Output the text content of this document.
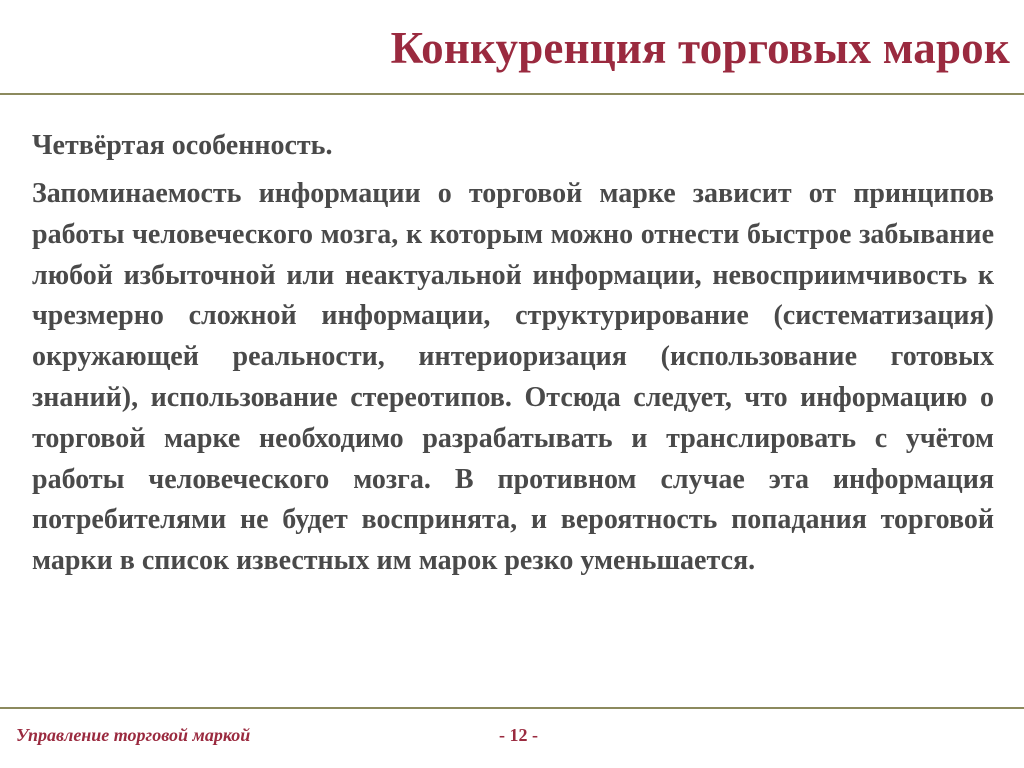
Конкуренция торговых марок

Четвёртая особенность.

Запоминаемость информации о торговой марке зависит от принципов работы человеческого мозга, к которым можно отнести быстрое забывание любой избыточной или неактуальной информации, невосприимчивость к чрезмерно сложной информации, структурирование (систематизация) окружающей реальности, интериоризация (использование готовых знаний), использование стереотипов. Отсюда следует, что информацию о торговой марке необходимо разрабатывать и транслировать с учётом работы человеческого мозга. В противном случае эта информация потребителями не будет воспринята, и вероятность попадания торговой марки в список известных им марок резко уменьшается.

Управление торговой маркой	- 12 -
